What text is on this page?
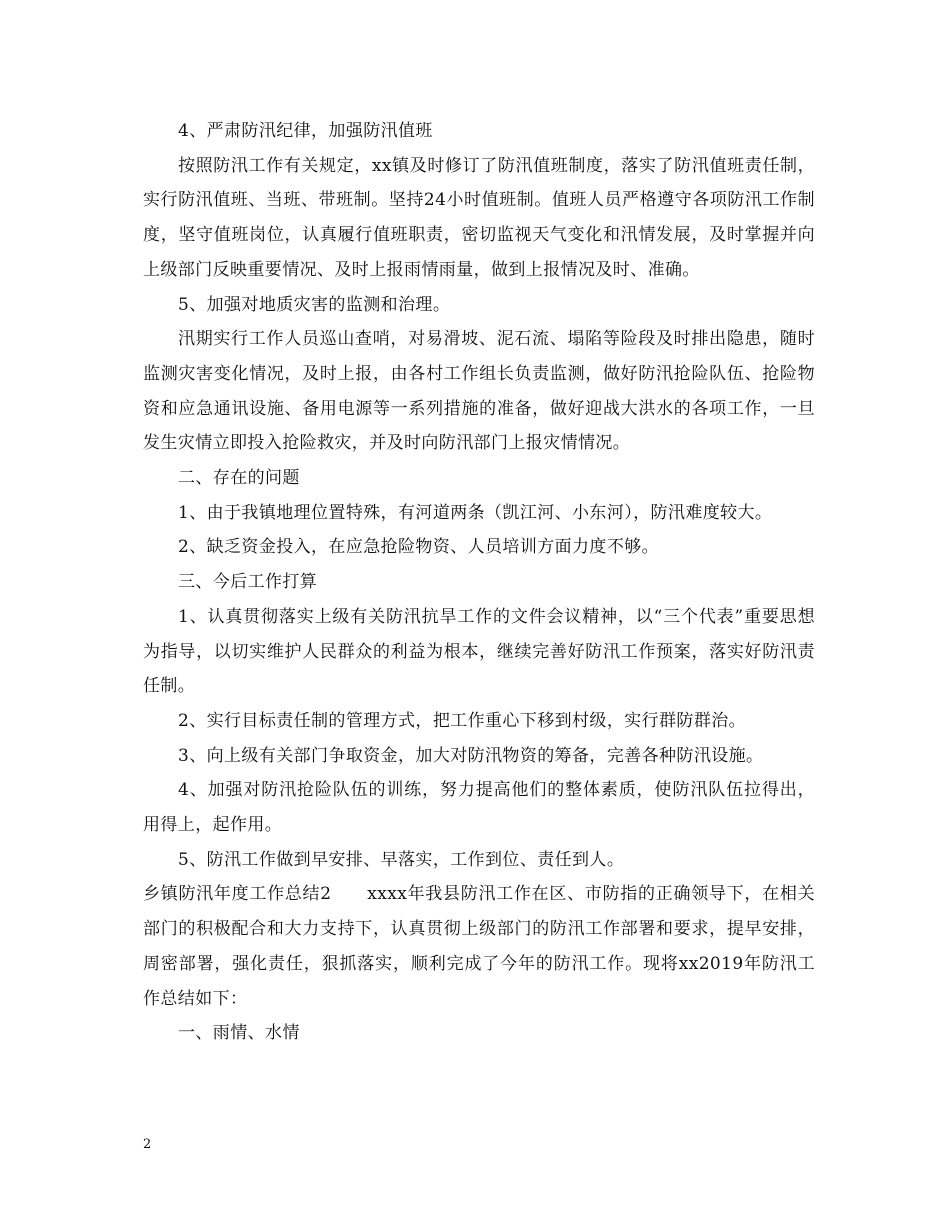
4、严肃防汛纪律，加强防汛值班

按照防汛工作有关规定，xx镇及时修订了防汛值班制度，落实了防汛值班责任制，实行防汛值班、当班、带班制。坚持24小时值班制。值班人员严格遵守各项防汛工作制度，坚守值班岗位，认真履行值班职责，密切监视天气变化和汛情发展，及时掌握并向上级部门反映重要情况、及时上报雨情雨量，做到上报情况及时、准确。

5、加强对地质灾害的监测和治理。

汛期实行工作人员巡山查哨，对易滑坡、泥石流、塌陷等险段及时排出隐患，随时监测灾害变化情况，及时上报，由各村工作组长负责监测，做好防汛抢险队伍、抢险物资和应急通讯设施、备用电源等一系列措施的准备，做好迎战大洪水的各项工作，一旦发生灾情立即投入抢险救灾，并及时向防汛部门上报灾情情况。

二、存在的问题

1、由于我镇地理位置特殊，有河道两条（凯江河、小东河），防汛难度较大。

2、缺乏资金投入，在应急抢险物资、人员培训方面力度不够。

三、今后工作打算

1、认真贯彻落实上级有关防汛抗旱工作的文件会议精神，以“三个代表”重要思想为指导，以切实维护人民群众的利益为根本，继续完善好防汛工作预案，落实好防汛责任制。

2、实行目标责任制的管理方式，把工作重心下移到村级，实行群防群治。

3、向上级有关部门争取资金，加大对防汛物资的筹备，完善各种防汛设施。

4、加强对防汛抢险队伍的训练，努力提高他们的整体素质，使防汛队伍拉得出，用得上，起作用。

5、防汛工作做到早安排、早落实，工作到位、责任到人。

乡镇防汛年度工作总结2　　xxxx年我县防汛工作在区、市防指的正确领导下，在相关部门的积极配合和大力支持下，认真贯彻上级部门的防汛工作部署和要求，提早安排，周密部署，强化责任，狠抓落实，顺利完成了今年的防汛工作。现将xx2019年防汛工作总结如下：

一、雨情、水情

2
